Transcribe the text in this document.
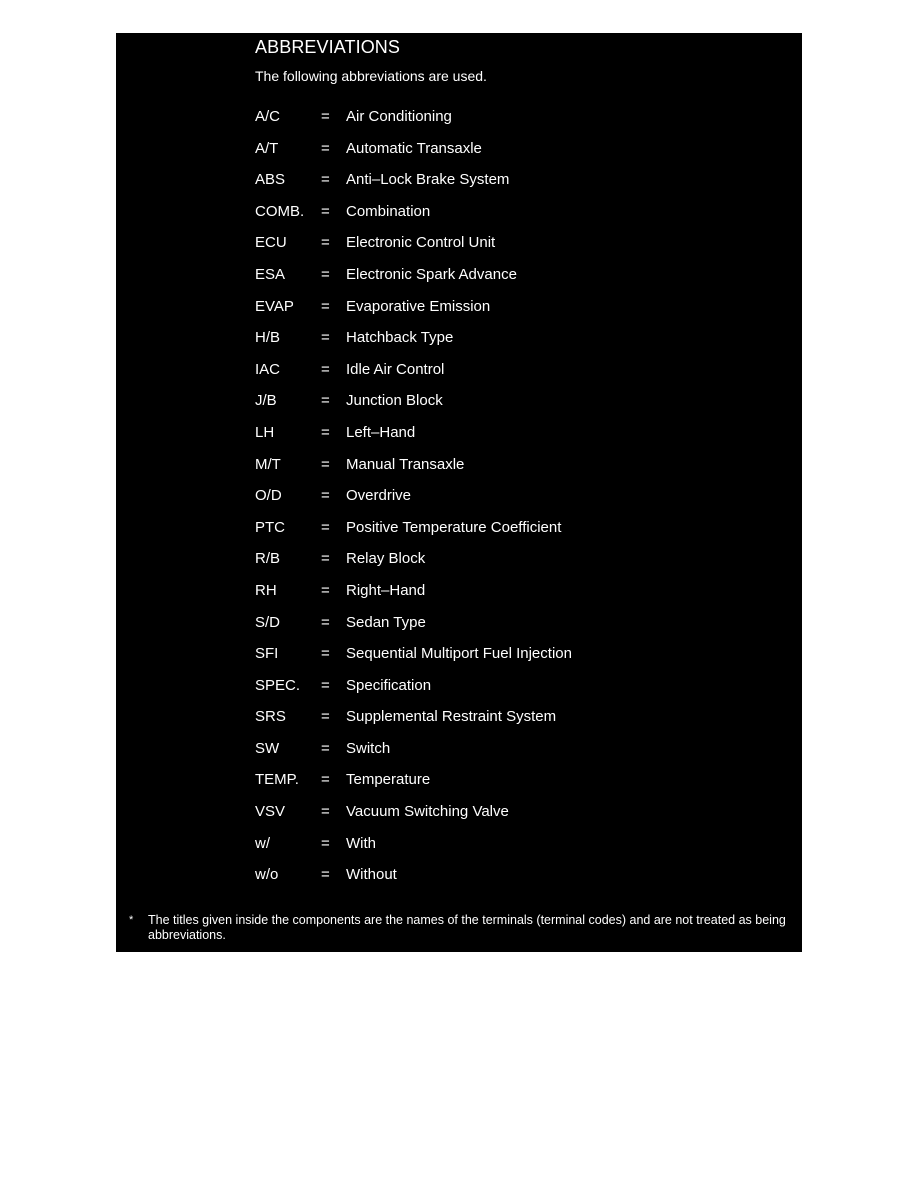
ABBREVIATIONS
The following abbreviations are used.
A/C	=	Air Conditioning
A/T	=	Automatic Transaxle
ABS	=	Anti–Lock Brake System
COMB.	=	Combination
ECU	=	Electronic Control Unit
ESA	=	Electronic Spark Advance
EVAP	=	Evaporative Emission
H/B	=	Hatchback Type
IAC	=	Idle Air Control
J/B	=	Junction Block
LH	=	Left–Hand
M/T	=	Manual Transaxle
O/D	=	Overdrive
PTC	=	Positive Temperature Coefficient
R/B	=	Relay Block
RH	=	Right–Hand
S/D	=	Sedan Type
SFI	=	Sequential Multiport Fuel Injection
SPEC.	=	Specification
SRS	=	Supplemental Restraint System
SW	=	Switch
TEMP.	=	Temperature
VSV	=	Vacuum Switching Valve
w/	=	With
w/o	=	Without
*	The titles given inside the components are the names of the terminals (terminal codes) and are not treated as being abbreviations.
